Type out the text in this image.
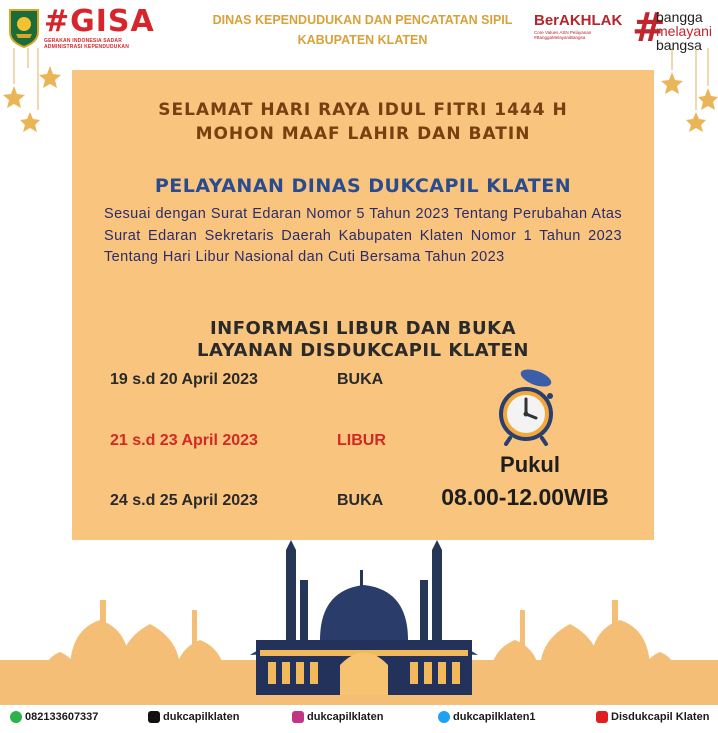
#GISA
GERAKAN INDONESIA SADAR
ADMINISTRASI KEPENDUDUKAN
DINAS KEPENDUDUKAN DAN PENCATATAN SIPIL
KABUPATEN KLATEN
BerAKHLAK
Core Values ASN Pelayanan #BanggaMelayaniBangsa	#
bangga
melayani
bangsa
SELAMAT HARI RAYA IDUL FITRI 1444 H
MOHON MAAF LAHIR DAN BATIN
PELAYANAN DINAS DUKCAPIL KLATEN
Sesuai dengan Surat Edaran Nomor 5 Tahun 2023 Tentang Perubahan Atas Surat Edaran Sekretaris Daerah Kabupaten Klaten Nomor 1 Tahun 2023 Tentang Hari Libur Nasional dan Cuti Bersama Tahun 2023
INFORMASI LIBUR DAN BUKA
LAYANAN DISDUKCAPIL KLATEN
19 s.d 20 April 2023	BUKA
21 s.d 23 April 2023	LIBUR
24 s.d 25 April 2023	BUKA
Pukul
08.00-12.00WIB
082133607337	dukcapilklaten	dukcapilklaten	dukcapilklaten1	Disdukcapil Klaten
